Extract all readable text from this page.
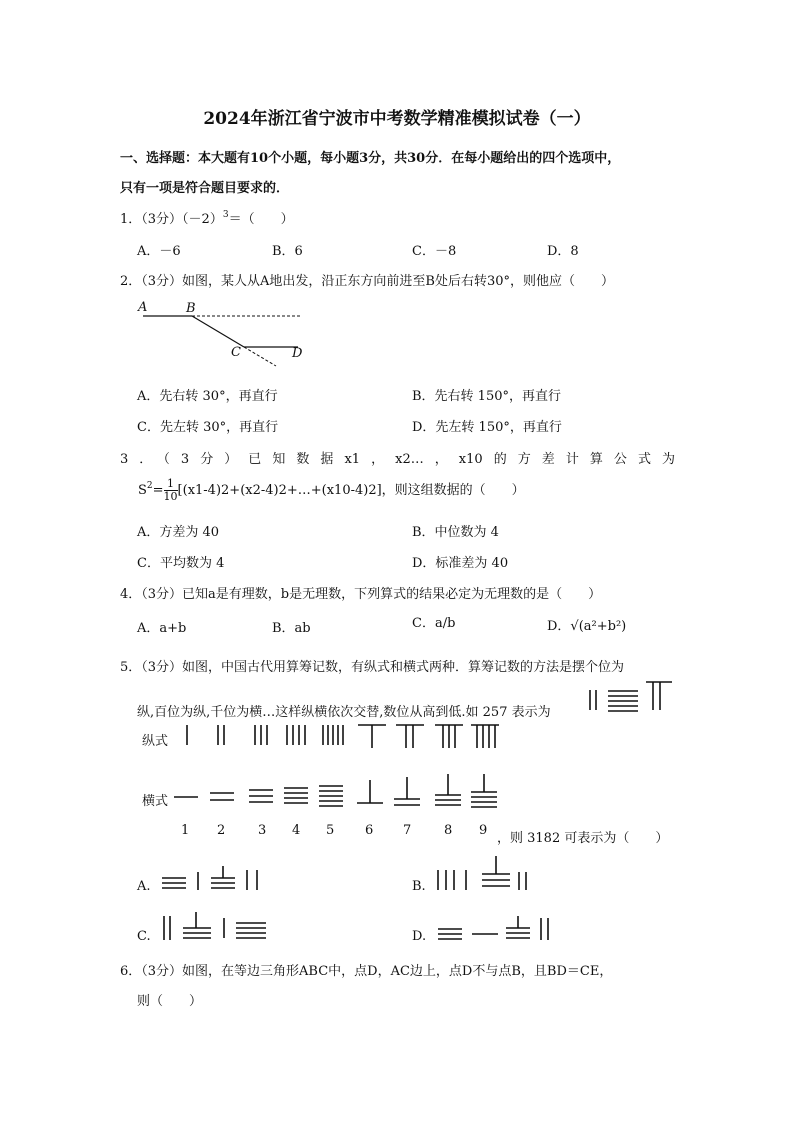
2024年浙江省宁波市中考数学精准模拟试卷（一）
一、选择题：本大题有10个小题，每小题3分，共30分．在每小题给出的四个选项中，
只有一项是符合题目要求的．
1．（3分）$(-2)^3=$（　　）
A．－6	B．6	C．－8	D．8
2．（3分）如图，某人从A地出发，沿正东方向前进至B处后右转30°，则他应（　　）
A	B
C	D
A．先右转 30°，再直行	B．先右转 150°，再直行
C．先左转 30°，再直行	D．先左转 150°，再直行
3．（3分）已知数据x1，x2…，x10的方差计算公式为
$S^2= \frac{1}{10}$ [(x1-4)2+(x2-4)2+…+(x10-4)2]，则这组数据的（　　）
A．方差为 40	B．中位数为 4
C．平均数为 4	D．标准差为 40
4．（3分）已知a是有理数，b是无理数，下列算式的结果必定为无理数的是（　　）
A．a+b	B．ab	C．a/b	D．√(a²+b²)
5．（3分）如图，中国古代用算筹记数，有纵式和横式两种．算筹记数的方法是摆个位为
纵,百位为纵,千位为横…这样纵横依次交替,数位从高到低.如 257 表示为
纵式
横式
1 2	3 4 5 6 7	8 9
，则 3182 可表示为（　　）
A.	B.
C.	D.
6．（3分）如图，在等边三角形ABC中，点D，AC边上，点D不与点B，且BD＝CE，
则（　　）
